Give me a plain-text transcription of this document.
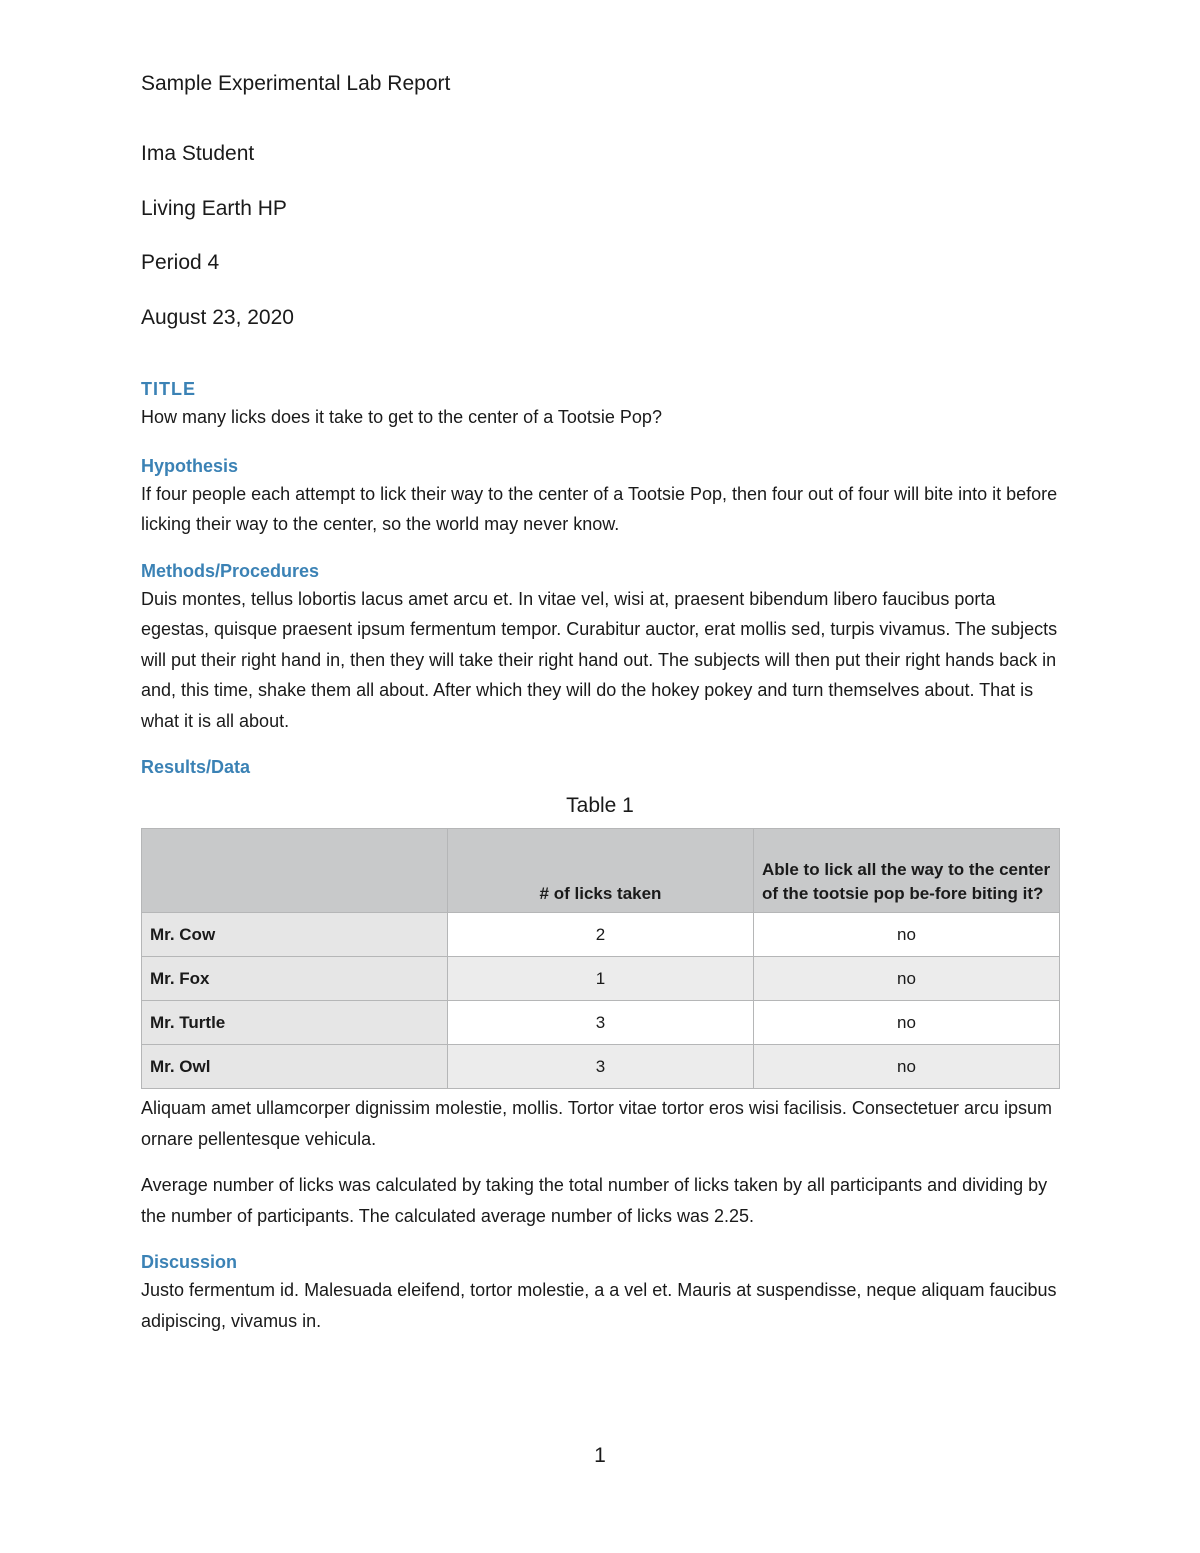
Sample Experimental Lab Report
Ima Student
Living Earth HP
Period 4
August 23, 2020
TITLE

How many licks does it take to get to the center of a Tootsie Pop?

Hypothesis

If four people each attempt to lick their way to the center of a Tootsie Pop, then four out of four will bite into it before licking their way to the center, so the world may never know.

Methods/Procedures

Duis montes, tellus lobortis lacus amet arcu et. In vitae vel, wisi at, praesent bibendum libero faucibus porta egestas, quisque praesent ipsum fermentum tempor. Curabitur auctor, erat mollis sed, turpis vivamus. The subjects will put their right hand in, then they will take their right hand out. The subjects will then put their right hands back in and, this time, shake them all about. After which they will do the hokey pokey and turn themselves about. That is what it is all about.

Results/Data
Table 1
	# of licks taken	Able to lick all the way to the center of the tootsie pop be-fore biting it?
Mr. Cow	2	no
Mr. Fox	1	no
Mr. Turtle	3	no
Mr. Owl	3	no

Aliquam amet ullamcorper dignissim molestie, mollis. Tortor vitae tortor eros wisi facilisis. Consectetuer arcu ipsum ornare pellentesque vehicula.

Average number of licks was calculated by taking the total number of licks taken by all participants and dividing by the number of participants. The calculated average number of licks was 2.25.

Discussion

Justo fermentum id. Malesuada eleifend, tortor molestie, a a vel et. Mauris at suspendisse, neque aliquam faucibus adipiscing, vivamus in.

1
